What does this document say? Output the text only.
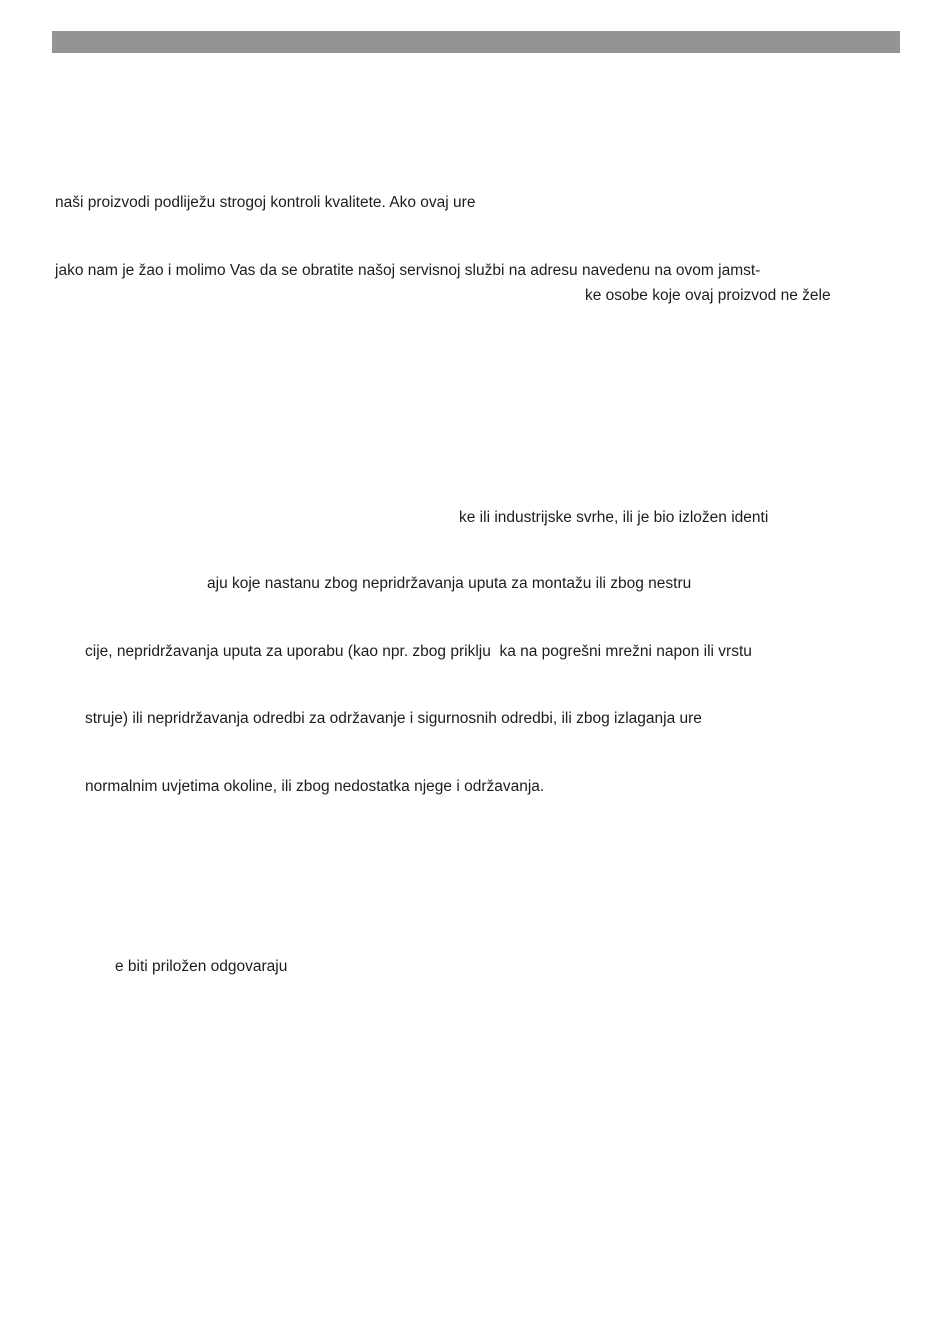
naši proizvodi podliježu strogoj kontroli kvalitete. Ako ovaj ure

jako nam je žao i molimo Vas da se obratite našoj servisnoj službi na adresu navedenu na ovom jamst-

ke osobe koje ovaj proizvod ne žele

ke ili industrijske svrhe, ili je bio izložen identi

aju koje nastanu zbog nepridržavanja uputa za montažu ili zbog nestru

cije, nepridržavanja uputa za uporabu (kao npr. zbog priklju  ka na pogrešni mrežni napon ili vrstu

struje) ili nepridržavanja odredbi za održavanje i sigurnosnih odredbi, ili zbog izlaganja ure

normalnim uvjetima okoline, ili zbog nedostatka njege i održavanja.

e biti priložen odgovaraju
